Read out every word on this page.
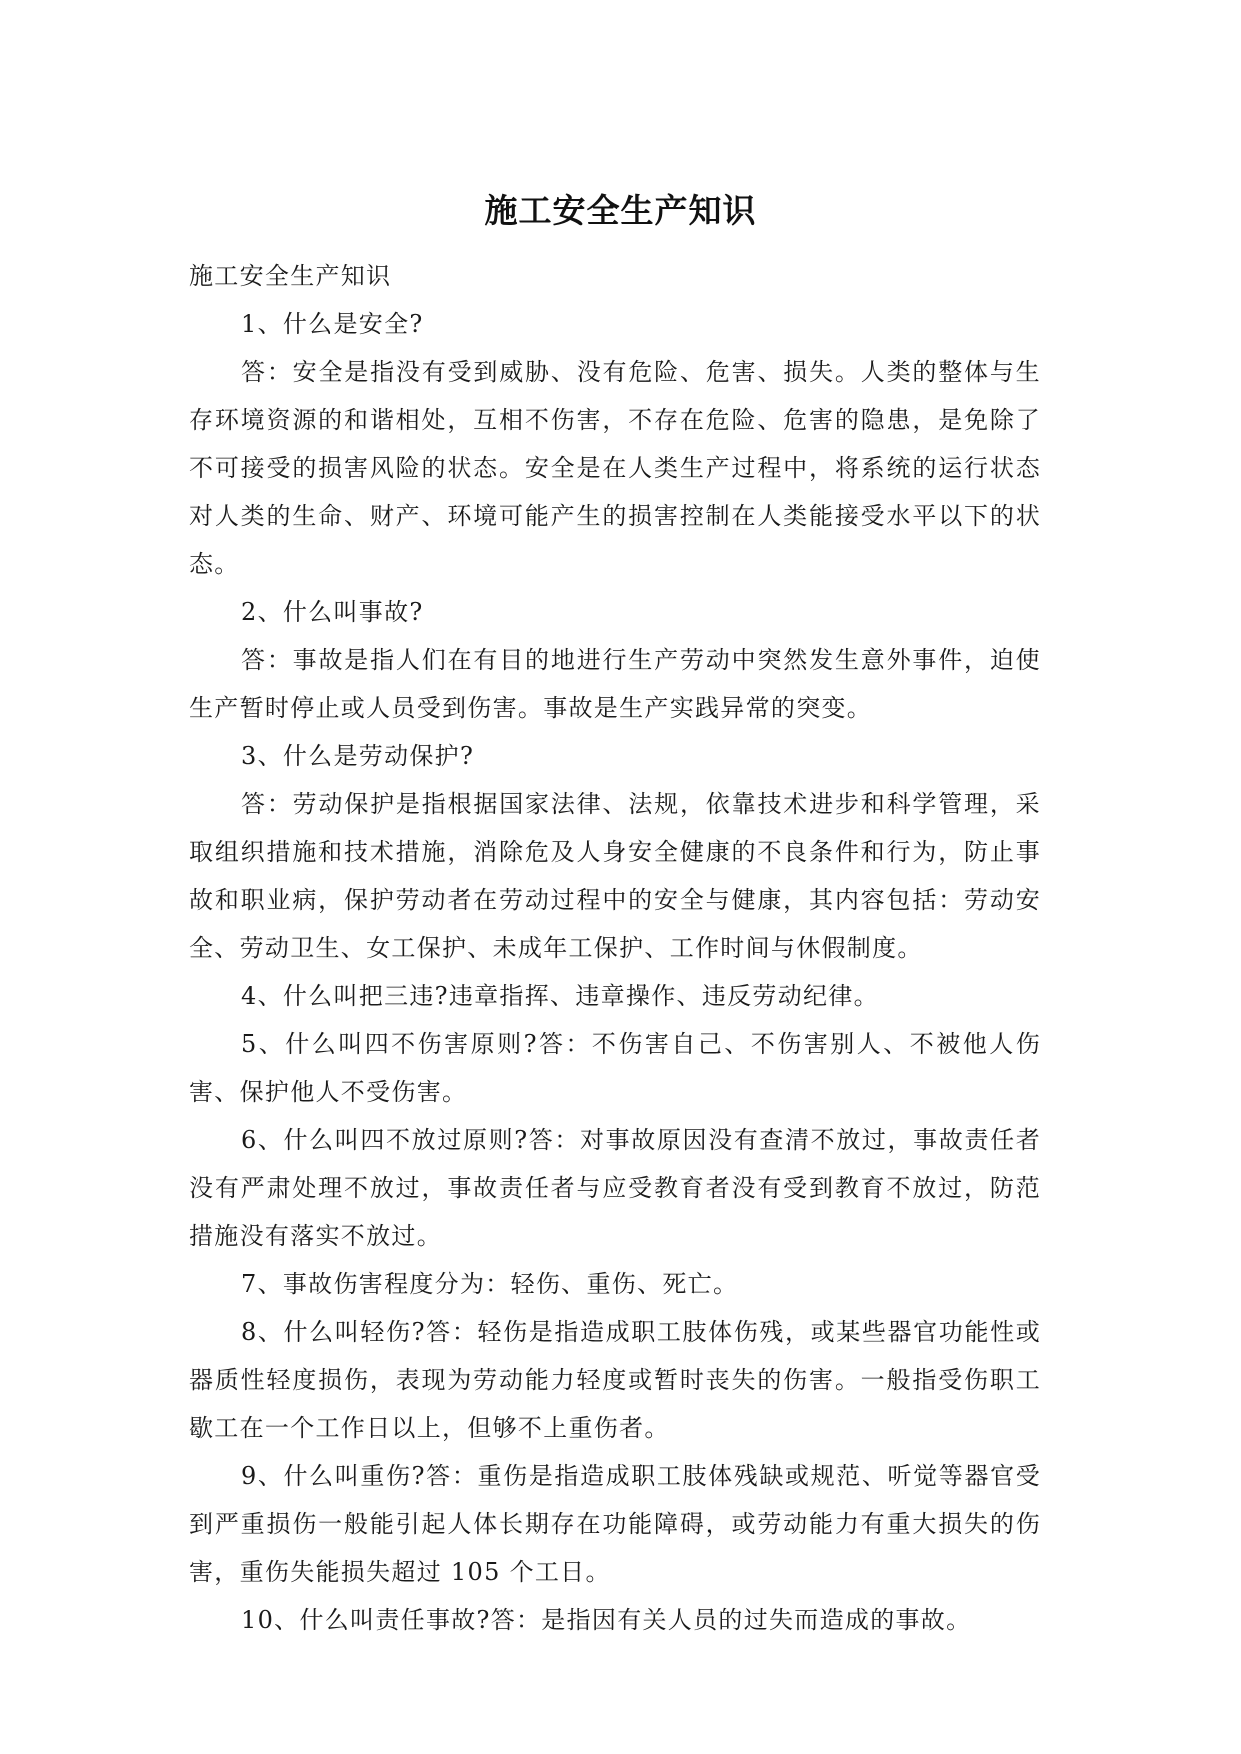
施工安全生产知识

施工安全生产知识

1、什么是安全?

答：安全是指没有受到威胁、没有危险、危害、损失。人类的整体与生存环境资源的和谐相处，互相不伤害，不存在危险、危害的隐患，是免除了不可接受的损害风险的状态。安全是在人类生产过程中，将系统的运行状态对人类的生命、财产、环境可能产生的损害控制在人类能接受水平以下的状态。

2、什么叫事故?

答：事故是指人们在有目的地进行生产劳动中突然发生意外事件，迫使生产暂时停止或人员受到伤害。事故是生产实践异常的突变。

3、什么是劳动保护?

答：劳动保护是指根据国家法律、法规，依靠技术进步和科学管理，采取组织措施和技术措施，消除危及人身安全健康的不良条件和行为，防止事故和职业病，保护劳动者在劳动过程中的安全与健康，其内容包括：劳动安全、劳动卫生、女工保护、未成年工保护、工作时间与休假制度。

4、什么叫把三违?违章指挥、违章操作、违反劳动纪律。

5、什么叫四不伤害原则?答：不伤害自己、不伤害别人、不被他人伤害、保护他人不受伤害。

6、什么叫四不放过原则?答：对事故原因没有查清不放过，事故责任者没有严肃处理不放过，事故责任者与应受教育者没有受到教育不放过，防范措施没有落实不放过。

7、事故伤害程度分为：轻伤、重伤、死亡。

8、什么叫轻伤?答：轻伤是指造成职工肢体伤残，或某些器官功能性或器质性轻度损伤，表现为劳动能力轻度或暂时丧失的伤害。一般指受伤职工歇工在一个工作日以上，但够不上重伤者。

9、什么叫重伤?答：重伤是指造成职工肢体残缺或规范、听觉等器官受到严重损伤一般能引起人体长期存在功能障碍，或劳动能力有重大损失的伤害，重伤失能损失超过 105 个工日。

10、什么叫责任事故?答：是指因有关人员的过失而造成的事故。
